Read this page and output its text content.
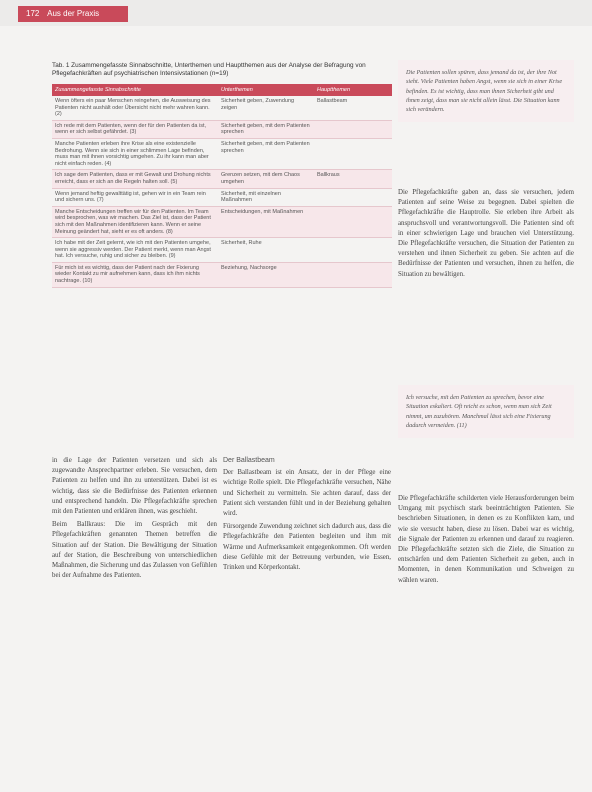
172 Aus der Praxis
Tab. 1 Zusammengefasste Sinnabschnitte, Unterthemen und Hauptthemen aus der Analyse der Befragung von Pflegefachkräften auf psychiatrischen Intensivstationen (n=19)
Zusammengefasste Sinnabschnitte	Unterthemen	Hauptthemen
Wenn öfters ein paar Menschen reingehen, die Ausweisung des Patienten nicht aushält oder Übersicht nicht mehr wahren kann. (2)	Sicherheit geben, Zuwendung zeigen	Ballastbeam
Ich rede mit dem Patienten, wenn der für den Patienten da ist, wenn er sich selbst gefährdet. (3)	Sicherheit geben, mit dem Patienten sprechen	
Manche Patienten erleben ihre Krise als eine existenzielle Bedrohung. Wenn sie sich in einer schlimmen Lage befinden, muss man mit ihnen vorsichtig umgehen. Zu ihr kann man aber nicht einfach reden. (4)	Sicherheit geben, mit dem Patienten sprechen	
Ich sage dem Patienten, dass er mit Gewalt und Drohung nichts erreicht, dass er sich an die Regeln halten soll. (5)	Grenzen setzen, mit dem Chaos umgehen	Ballkraus
Wenn jemand heftig gewalttätig ist, gehen wir in ein Team rein und sichern uns. (7)	Sicherheit, mit einzelnen Maßnahmen	
Manche Entscheidungen treffen wir für den Patienten. Im Team wird besprochen, was wir machen. Das Ziel ist, dass der Patient sich mit den Maßnahmen identifizieren kann. Wenn er seine Meinung geändert hat, sieht er es oft anders. (8)	Entscheidungen, mit Maßnahmen	
Ich habe mit der Zeit gelernt, wie ich mit den Patienten umgehe, wenn sie aggressiv werden. Der Patient merkt, wenn man Angst hat. Ich versuche, ruhig und sicher zu bleiben. (9)	Sicherheit, Ruhe	
Für mich ist es wichtig, dass der Patient nach der Fixierung wieder Kontakt zu mir aufnehmen kann, dass ich ihm nichts nachtrage. (10)	Beziehung, Nachsorge	
Die Patienten sollen spüren, dass jemand da ist, der ihre Not sieht. Viele Patienten haben Angst, wenn sie sich in einer Krise befinden. Es ist wichtig, dass man ihnen Sicherheit gibt und ihnen zeigt, dass man sie nicht allein lässt. Die Situation kann sich verändern.

Die Pflegefachkräfte gaben an, dass sie versuchen, jedem Patienten auf seine Weise zu begegnen. Dabei spielten die Pflegefachkräfte die Hauptrolle. Sie erleben ihre Arbeit als anspruchsvoll und verantwortungsvoll. Die Patienten sind oft in einer schwierigen Lage und brauchen viel Unterstützung. Die Pflegefachkräfte versuchen, die Situation der Patienten zu verstehen und ihnen Sicherheit zu geben. Sie achten auf die Bedürfnisse der Patienten und versuchen, ihnen zu helfen, die Situation zu bewältigen.

Ich versuche, mit den Patienten zu sprechen, bevor eine Situation eskaliert. Oft reicht es schon, wenn man sich Zeit nimmt, um zuzuhören. Manchmal lässt sich eine Fixierung dadurch vermeiden. (11)

in die Lage der Patienten versetzen und sich als zugewandte Ansprechpartner erleben. Sie versuchen, dem Patienten zu helfen und ihn zu unterstützen. Dabei ist es wichtig, dass sie die Bedürfnisse des Patienten erkennen und entsprechend handeln. Die Pflegefachkräfte sprechen mit den Patienten und erklären ihnen, was geschieht.

Beim Ballkraus: Die im Gespräch mit den Pflegefachkräften genannten Themen betreffen die Situation auf der Station. Die Bewältigung der Situation auf der Station, die Beschreibung von unterschiedlichen Maßnahmen, die Sicherung und das Zulassen von Gefühlen bei der Aufnahme des Patienten.

Der Ballastbeam

Der Ballastbeam ist ein Ansatz, der in der Pflege eine wichtige Rolle spielt. Die Pflegefachkräfte versuchen, Nähe und Sicherheit zu vermitteln. Sie achten darauf, dass der Patient sich verstanden fühlt und in der Beziehung gehalten wird.

Fürsorgende Zuwendung zeichnet sich dadurch aus, dass die Pflegefachkräfte den Patienten begleiten und ihm mit Wärme und Aufmerksamkeit entgegenkommen. Oft werden diese Gefühle mit der Betreuung verbunden, wie Essen, Trinken und Körperkontakt.

Die Pflegefachkräfte schilderten viele Herausforderungen beim Umgang mit psychisch stark beeinträchtigten Patienten. Sie beschrieben Situationen, in denen es zu Konflikten kam, und wie sie versucht haben, diese zu lösen. Dabei war es wichtig, die Signale der Patienten zu erkennen und darauf zu reagieren. Die Pflegefachkräfte setzten sich die Ziele, die Situation zu entschärfen und dem Patienten Sicherheit zu geben, auch in Momenten, in denen Kommunikation und Schweigen zu wählen waren.
